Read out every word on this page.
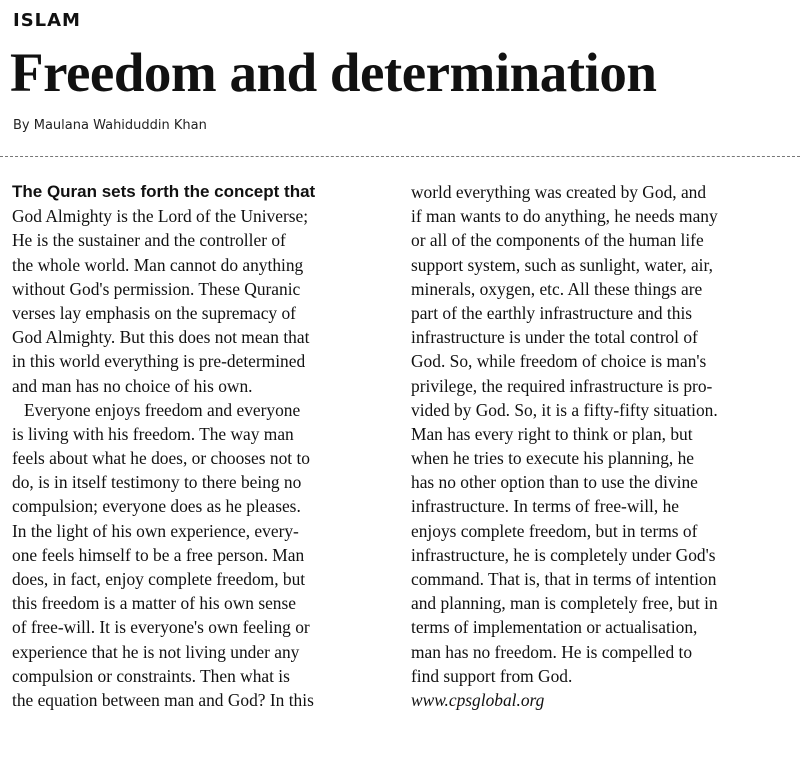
ISLAM
Freedom and determination
By Maulana Wahiduddin Khan
The Quran sets forth the concept that
God Almighty is the Lord of the Universe;
He is the sustainer and the controller of
the whole world. Man cannot do anything
without God's permission. These Quranic
verses lay emphasis on the supremacy of
God Almighty. But this does not mean that
in this world everything is pre-determined
and man has no choice of his own.
Everyone enjoys freedom and everyone
is living with his freedom. The way man
feels about what he does, or chooses not to
do, is in itself testimony to there being no
compulsion; everyone does as he pleases.
In the light of his own experience, every-
one feels himself to be a free person. Man
does, in fact, enjoy complete freedom, but
this freedom is a matter of his own sense
of free-will. It is everyone's own feeling or
experience that he is not living under any
compulsion or constraints. Then what is
the equation between man and God? In this
world everything was created by God, and
if man wants to do anything, he needs many
or all of the components of the human life
support system, such as sunlight, water, air,
minerals, oxygen, etc. All these things are
part of the earthly infrastructure and this
infrastructure is under the total control of
God. So, while freedom of choice is man's
privilege, the required infrastructure is pro-
vided by God. So, it is a fifty-fifty situation.
Man has every right to think or plan, but
when he tries to execute his planning, he
has no other option than to use the divine
infrastructure. In terms of free-will, he
enjoys complete freedom, but in terms of
infrastructure, he is completely under God's
command. That is, that in terms of intention
and planning, man is completely free, but in
terms of implementation or actualisation,
man has no freedom. He is compelled to
find support from God.
www.cpsglobal.org
